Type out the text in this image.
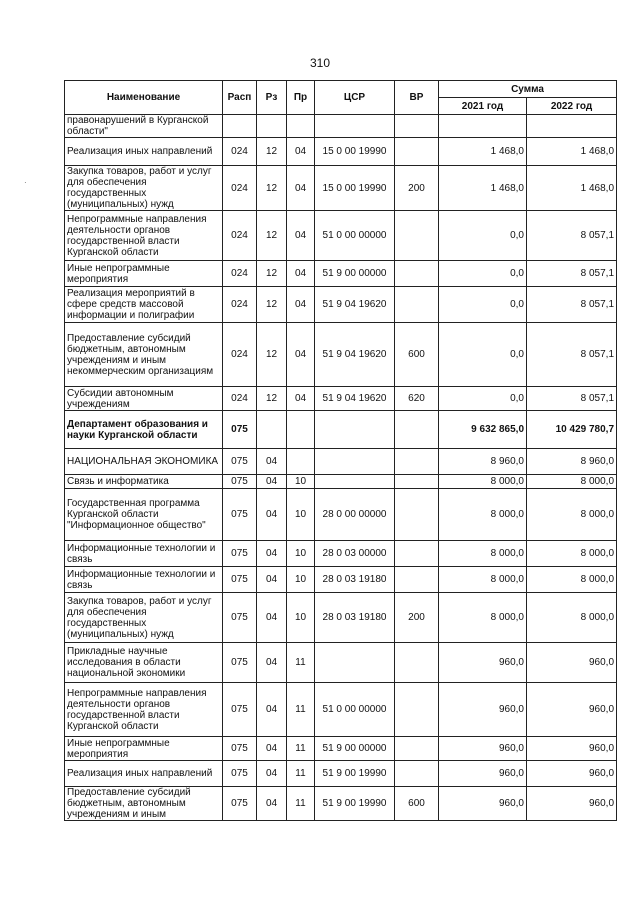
310
·
Наименование	Расп	Рз	Пр	ЦСР	ВР	Сумма	
						2021 год	2022 год
правонарушений в Курганской области"							
Реализация иных направлений	024	12	04	15 0 00 19990		1 468,0	1 468,0
Закупка товаров, работ и услуг для обеспечения государственных (муниципальных) нужд	024	12	04	15 0 00 19990	200	1 468,0	1 468,0
Непрограммные направления деятельности органов государственной власти Курганской области	024	12	04	51 0 00 00000		0,0	8 057,1
Иные непрограммные мероприятия	024	12	04	51 9 00 00000		0,0	8 057,1
Реализация мероприятий в сфере средств массовой информации и полиграфии	024	12	04	51 9 04 19620		0,0	8 057,1
Предоставление субсидий бюджетным, автономным учреждениям и иным некоммерческим организациям	024	12	04	51 9 04 19620	600	0,0	8 057,1
Субсидии автономным учреждениям	024	12	04	51 9 04 19620	620	0,0	8 057,1
Департамент образования и науки Курганской области	075					9 632 865,0	10 429 780,7
НАЦИОНАЛЬНАЯ ЭКОНОМИКА	075	04				8 960,0	8 960,0
Связь и информатика	075	04	10			8 000,0	8 000,0
Государственная программа Курганской области "Информационное общество"	075	04	10	28 0 00 00000		8 000,0	8 000,0
Информационные технологии и связь	075	04	10	28 0 03 00000		8 000,0	8 000,0
Информационные технологии и связь	075	04	10	28 0 03 19180		8 000,0	8 000,0
Закупка товаров, работ и услуг для обеспечения государственных (муниципальных) нужд	075	04	10	28 0 03 19180	200	8 000,0	8 000,0
Прикладные научные исследования в области национальной экономики	075	04	11			960,0	960,0
Непрограммные направления деятельности органов государственной власти Курганской области	075	04	11	51 0 00 00000		960,0	960,0
Иные непрограммные мероприятия	075	04	11	51 9 00 00000		960,0	960,0
Реализация иных направлений	075	04	11	51 9 00 19990		960,0	960,0
Предоставление субсидий бюджетным, автономным учреждениям и иным	075	04	11	51 9 00 19990	600	960,0	960,0
